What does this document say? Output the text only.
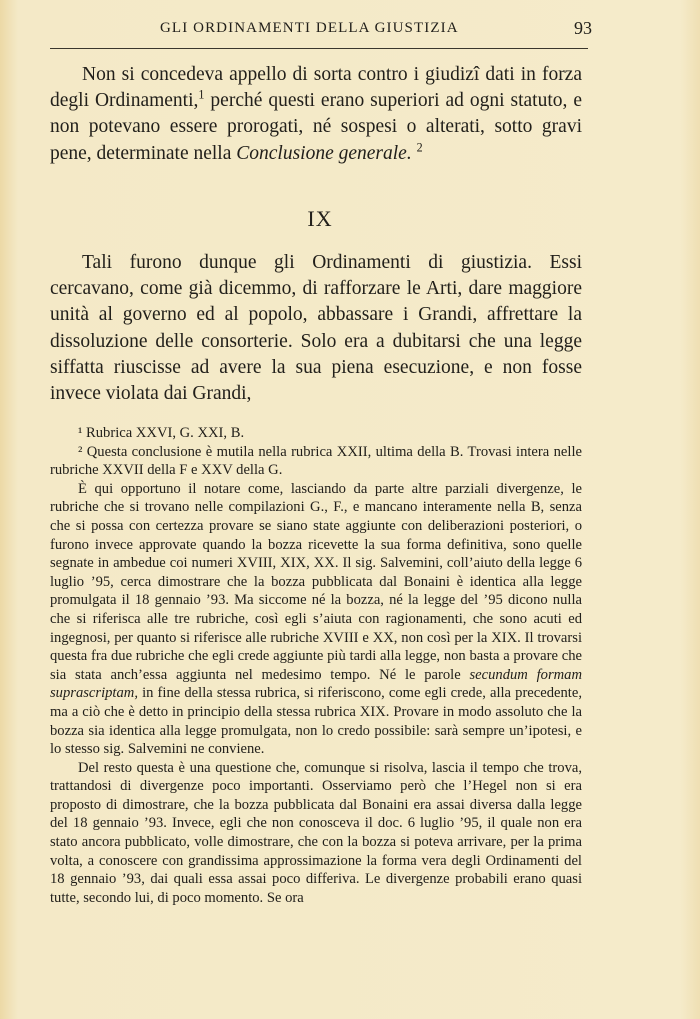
GLI ORDINAMENTI DELLA GIUSTIZIA	93

Non si concedeva appello di sorta contro i giudizî dati in forza degli Ordinamenti,$^1$ perché questi erano superiori ad ogni statuto, e non potevano essere prorogati, né sospesi o alterati, sotto gravi pene, determinate nella Conclusione generale. $^2$

IX

Tali furono dunque gli Ordinamenti di giustizia. Essi cercavano, come già dicemmo, di rafforzare le Arti, dare maggiore unità al governo ed al popolo, abbassare i Grandi, affrettare la dissoluzione delle consorterie. Solo era a dubitarsi che una legge siffatta riuscisse ad avere la sua piena esecuzione, e non fosse invece violata dai Grandi,

¹ Rubrica XXVI, G. XXI, B.

² Questa conclusione è mutila nella rubrica XXII, ultima della B. Trovasi intera nelle rubriche XXVII della F e XXV della G.

È qui opportuno il notare come, lasciando da parte altre parziali divergenze, le rubriche che si trovano nelle compilazioni G., F., e mancano interamente nella B, senza che si possa con certezza provare se siano state aggiunte con deliberazioni posteriori, o furono invece approvate quando la bozza ricevette la sua forma definitiva, sono quelle segnate in ambedue coi numeri XVIII, XIX, XX. Il sig. Salvemini, coll’aiuto della legge 6 luglio ’95, cerca dimostrare che la bozza pubblicata dal Bonaini è identica alla legge promulgata il 18 gennaio ’93. Ma siccome né la bozza, né la legge del ’95 dicono nulla che si riferisca alle tre rubriche, così egli s’aiuta con ragionamenti, che sono acuti ed ingegnosi, per quanto si riferisce alle rubriche XVIII e XX, non così per la XIX. Il trovarsi questa fra due rubriche che egli crede aggiunte più tardi alla legge, non basta a provare che sia stata anch’essa aggiunta nel medesimo tempo. Né le parole secundum formam suprascriptam, in fine della stessa rubrica, si riferiscono, come egli crede, alla precedente, ma a ciò che è detto in principio della stessa rubrica XIX. Provare in modo assoluto che la bozza sia identica alla legge promulgata, non lo credo possibile: sarà sempre un’ipotesi, e lo stesso sig. Salvemini ne conviene.

Del resto questa è una questione che, comunque si risolva, lascia il tempo che trova, trattandosi di divergenze poco importanti. Osserviamo però che l’Hegel non si era proposto di dimostrare, che la bozza pubblicata dal Bonaini era assai diversa dalla legge del 18 gennaio ’93. Invece, egli che non conosceva il doc. 6 luglio ’95, il quale non era stato ancora pubblicato, volle dimostrare, che con la bozza si poteva arrivare, per la prima volta, a conoscere con grandissima approssimazione la forma vera degli Ordinamenti del 18 gennaio ’93, dai quali essa assai poco differiva. Le divergenze probabili erano quasi tutte, secondo lui, di poco momento. Se ora
